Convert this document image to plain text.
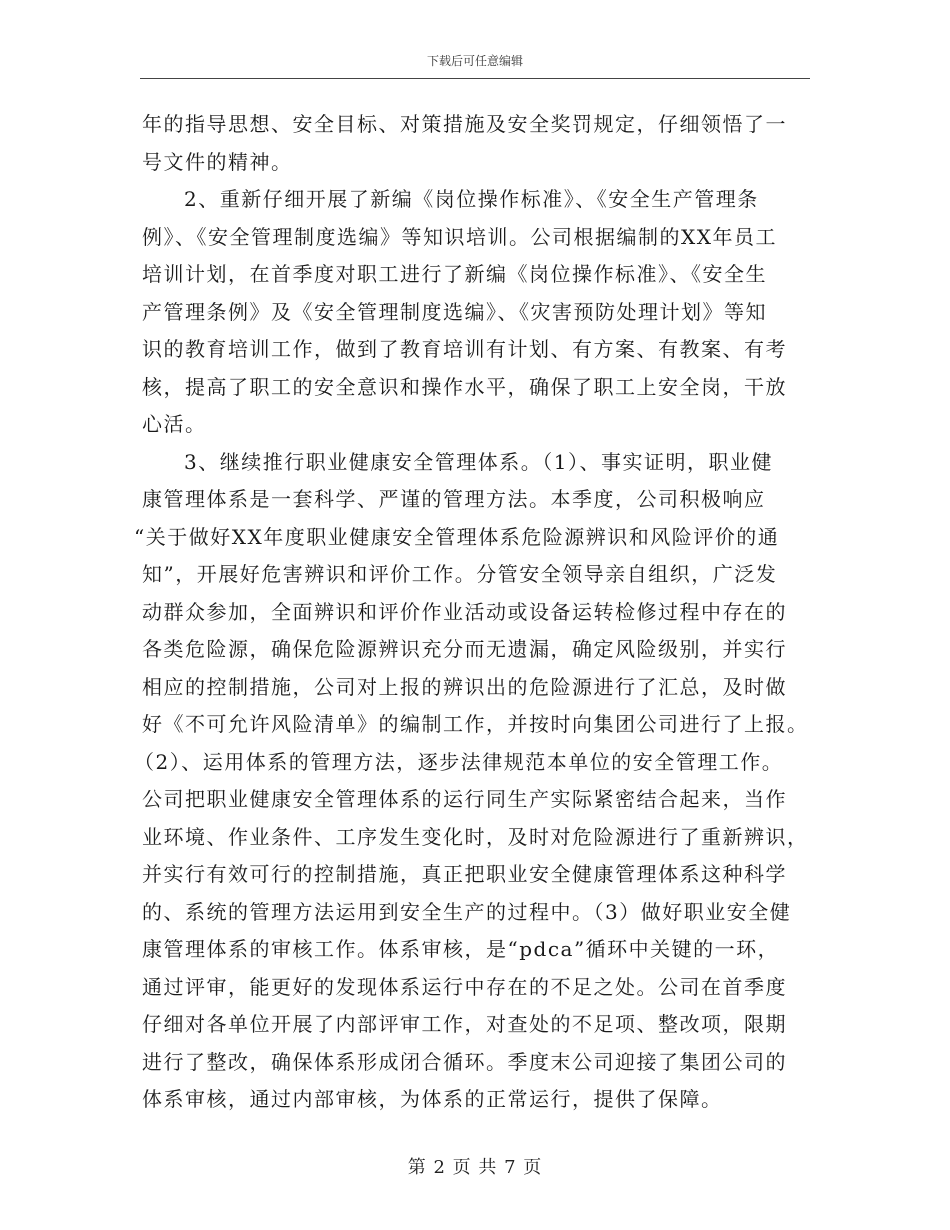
下载后可任意编辑
年的指导思想、安全目标、对策措施及安全奖罚规定，仔细领悟了一
号文件的精神。
2、重新仔细开展了新编《岗位操作标准》、《安全生产管理条
例》、《安全管理制度选编》等知识培训。公司根据编制的XX年员工
培训计划，在首季度对职工进行了新编《岗位操作标准》、《安全生
产管理条例》及《安全管理制度选编》、《灾害预防处理计划》等知
识的教育培训工作，做到了教育培训有计划、有方案、有教案、有考
核，提高了职工的安全意识和操作水平，确保了职工上安全岗，干放
心活。
3、继续推行职业健康安全管理体系。（1）、事实证明，职业健
康管理体系是一套科学、严谨的管理方法。本季度，公司积极响应
“关于做好XX年度职业健康安全管理体系危险源辨识和风险评价的通
知”，开展好危害辨识和评价工作。分管安全领导亲自组织，广泛发
动群众参加，全面辨识和评价作业活动或设备运转检修过程中存在的
各类危险源，确保危险源辨识充分而无遗漏，确定风险级别，并实行
相应的控制措施，公司对上报的辨识出的危险源进行了汇总，及时做
好《不可允许风险清单》的编制工作，并按时向集团公司进行了上报。
（2）、运用体系的管理方法，逐步法律规范本单位的安全管理工作。
公司把职业健康安全管理体系的运行同生产实际紧密结合起来，当作
业环境、作业条件、工序发生变化时，及时对危险源进行了重新辨识，
并实行有效可行的控制措施，真正把职业安全健康管理体系这种科学
的、系统的管理方法运用到安全生产的过程中。（3）做好职业安全健
康管理体系的审核工作。体系审核，是“pdca”循环中关键的一环，
通过评审，能更好的发现体系运行中存在的不足之处。公司在首季度
仔细对各单位开展了内部评审工作，对查处的不足项、整改项，限期
进行了整改，确保体系形成闭合循环。季度末公司迎接了集团公司的
体系审核，通过内部审核，为体系的正常运行，提供了保障。
第 2 页 共 7 页
